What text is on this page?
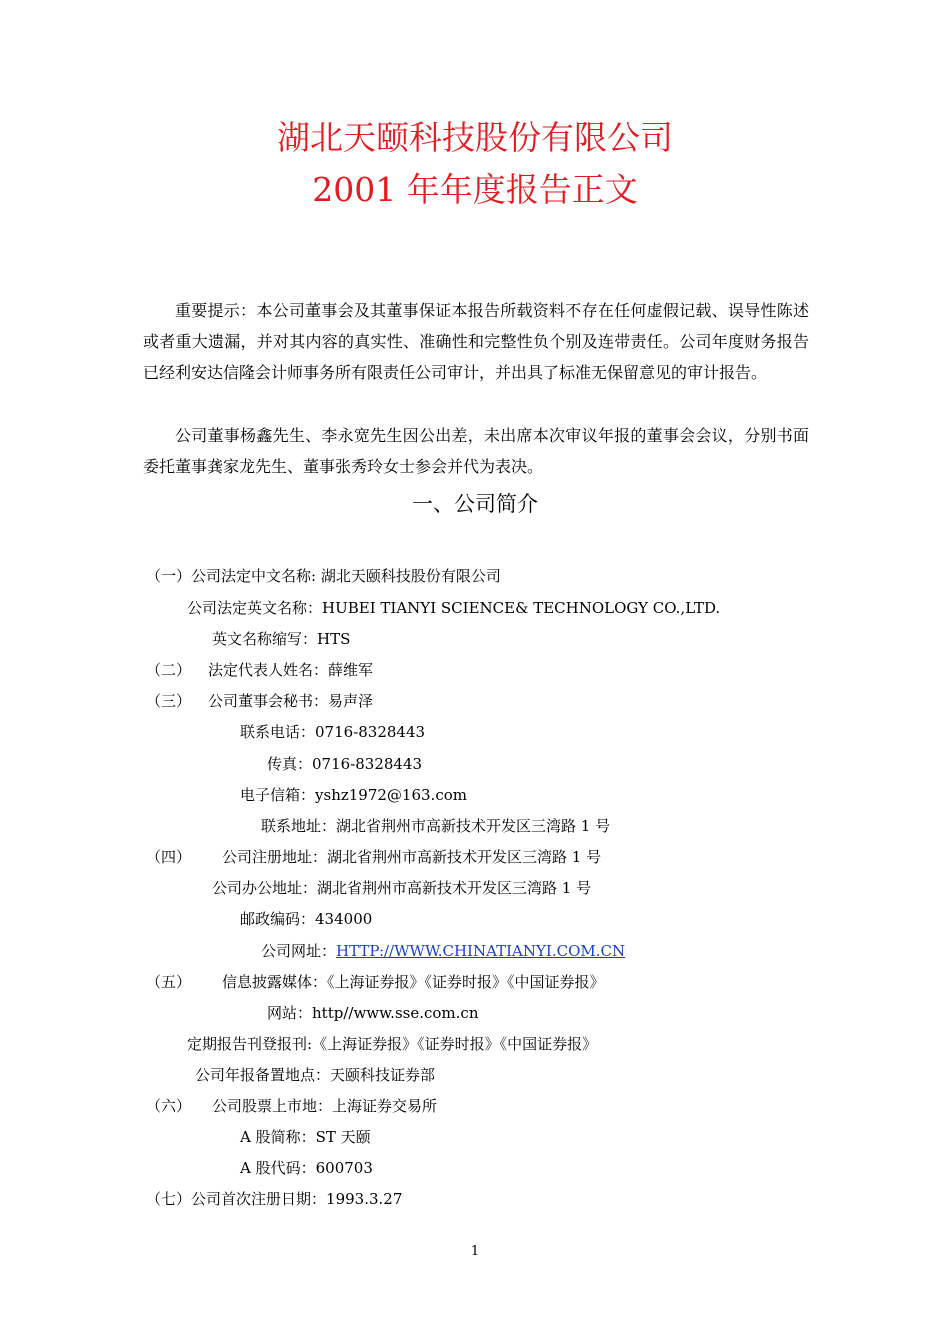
湖北天颐科技股份有限公司
2001 年年度报告正文
重要提示：本公司董事会及其董事保证本报告所载资料不存在任何虚假记载、误导性陈述或者重大遗漏，并对其内容的真实性、准确性和完整性负个别及连带责任。公司年度财务报告已经利安达信隆会计师事务所有限责任公司审计，并出具了标准无保留意见的审计报告。
公司董事杨鑫先生、李永宽先生因公出差，未出席本次审议年报的董事会会议，分别书面委托董事龚家龙先生、董事张秀玲女士参会并代为表决。
一、公司简介
（一）公司法定中文名称: 湖北天颐科技股份有限公司
公司法定英文名称：HUBEI TIANYI SCIENCE& TECHNOLOGY CO.,LTD.
英文名称缩写：HTS
（二） 法定代表人姓名：薛维军
（三） 公司董事会秘书：易声泽
联系电话：0716-8328443
传真：0716-8328443
电子信箱：yshz1972@163.com
联系地址：湖北省荆州市高新技术开发区三湾路 1 号
（四） 公司注册地址：湖北省荆州市高新技术开发区三湾路 1 号
公司办公地址：湖北省荆州市高新技术开发区三湾路 1 号
邮政编码：434000
公司网址：HTTP://WWW.CHINATIANYI.COM.CN
（五） 信息披露媒体：《上海证券报》《证券时报》《中国证券报》
网站：http//www.sse.com.cn
定期报告刊登报刊:《上海证券报》《证券时报》《中国证券报》
公司年报备置地点：天颐科技证券部
（六） 公司股票上市地：上海证券交易所
A 股简称：ST 天颐
A 股代码：600703
（七）公司首次注册日期：1993.3.27
1
